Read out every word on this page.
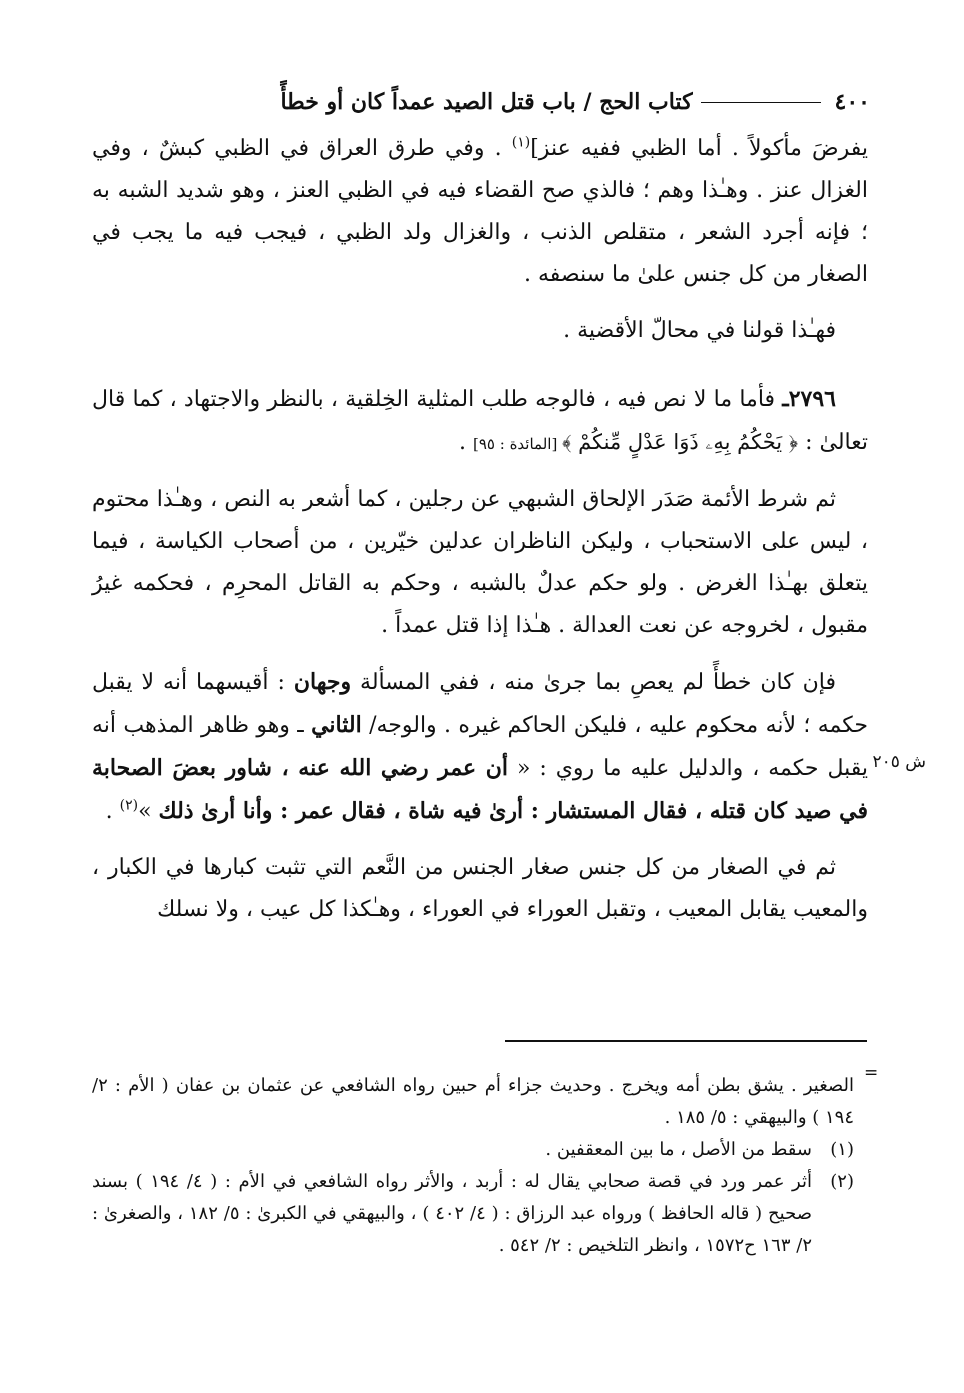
٤٠٠
كتاب الحج / باب قتل الصيد عمداً كان أو خطأً
ش ٢٠٥

يفرضَ مأكولاً . أما الظبي ففيه عنز]$^{(١)}$ . وفي طرق العراق في الظبي كبشٌ ، وفي الغزال عنز . وهـٰذا وهم ؛ فالذي صح القضاء فيه في الظبي العنز ، وهو شديد الشبه به ؛ فإنه أجرد الشعر ، متقلص الذنب ، والغزال ولد الظبي ، فيجب فيه ما يجب في الصغار من كل جنس علىٰ ما سنصفه .

فهـٰذا قولنا في محالّ الأقضية .

٢٧٩٦ـ فأما ما لا نص فيه ، فالوجه طلب المثلية الخِلقية ، بالنظر والاجتهاد ، كما قال تعالىٰ : ﴿ يَحْكُمُ بِهِۦ ذَوَا عَدْلٍ مِّنكُمْ ﴾ [المائدة : ٩٥] .

ثم شرط الأئمة صَدَر الإلحاق الشبهي عن رجلين ، كما أشعر به النص ، وهـٰذا محتوم ، ليس على الاستحباب ، وليكن الناظران عدلين خيّرين ، من أصحاب الكياسة ، فيما يتعلق بهـٰذا الغرض . ولو حكم عدلٌ بالشبه ، وحكم به القاتل المحرِم ، فحكمه غيرُ مقبول ، لخروجه عن نعت العدالة . هـٰذا إذا قتل عمداً .

فإن كان خطأً لم يعصِ بما جرىٰ منه ، ففي المسألة وجهان : أقيسهما أنه لا يقبل حكمه ؛ لأنه محكوم عليه ، فليكن الحاكم غيره . والوجه/ الثاني ـ وهو ظاهر المذهب أنه يقبل حكمه ، والدليل عليه ما روي : « أن عمر رضي الله عنه ، شاور بعضَ الصحابة في صيد كان قتله ، فقال المستشار : أرىٰ فيه شاة ، فقال عمر : وأنا أرىٰ ذلك »$^{(٢)}$ .

ثم في الصغار من كل جنس صغار الجنس من النَّعم التي تثبت كبارها في الكبار ، والمعيب يقابل المعيب ، وتقبل العوراء في العوراء ، وهـٰكذا كل عيب ، ولا نسلك

=
الصغير . يشق بطن أمه ويخرج . وحديث جزاء أم حبين رواه الشافعي عن عثمان بن عفان ( الأم : ٢/ ١٩٤ ) والبيهقي : ٥/ ١٨٥ .
(١)
سقط من الأصل ، ما بين المعقفين .
(٢)
أثر عمر ورد في قصة صحابي يقال له : أربد ، والأثر رواه الشافعي في الأم : ( ٤/ ١٩٤ ) بسند صحيح ( قاله الحافظ ) ورواه عبد الرزاق : ( ٤/ ٤٠٢ ) ، والبيهقي في الكبرىٰ : ٥/ ١٨٢ ، والصغرىٰ : ٢/ ١٦٣ ح١٥٧٢ ، وانظر التلخيص : ٢/ ٥٤٢ .
